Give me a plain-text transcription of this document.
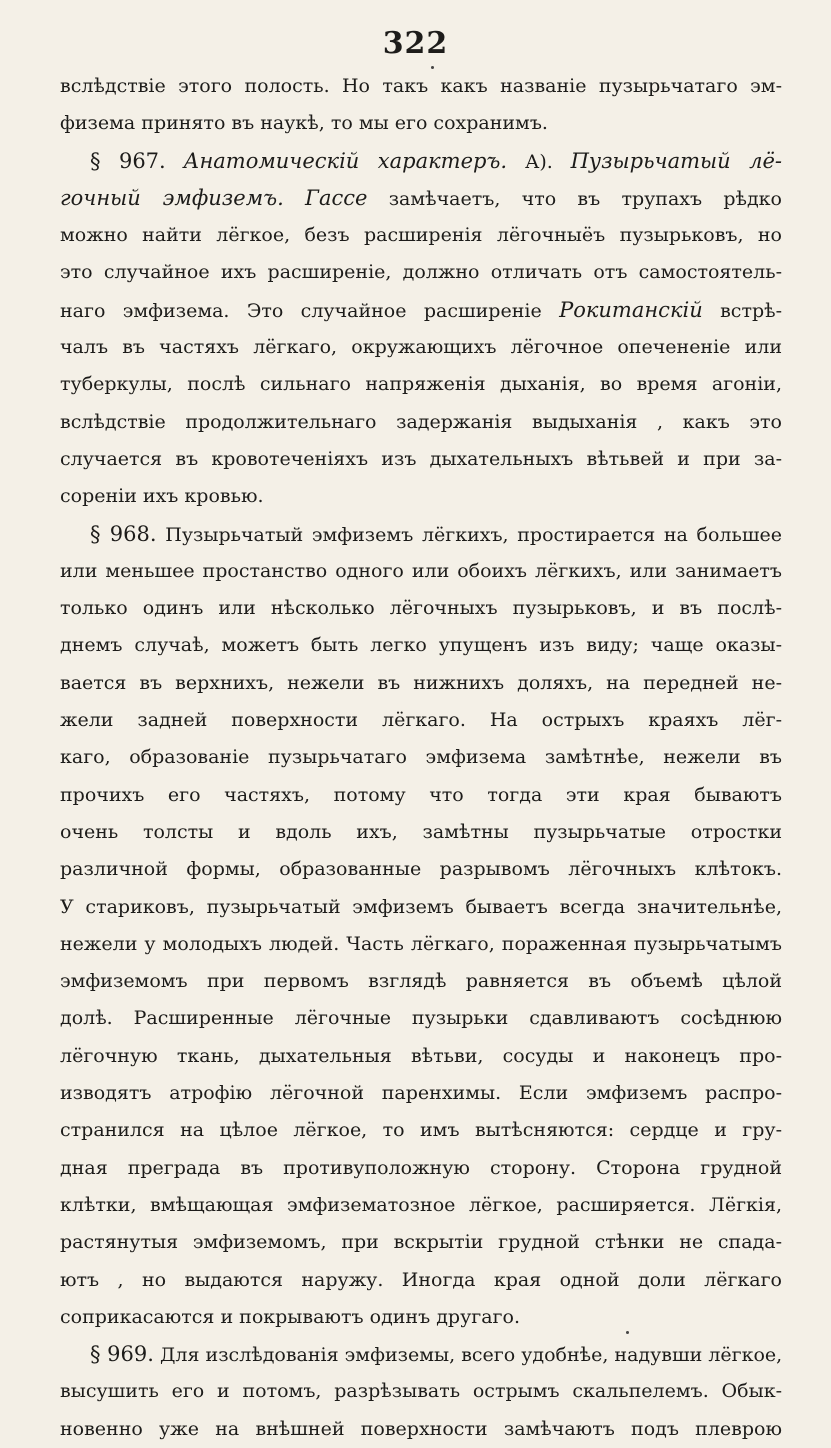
322
вслѣдствіе этого полость. Но такъ какъ названіе пузырьчатаго эм-
физема принято въ наукѣ, то мы его сохранимъ.
§ 967. Анатомическій характеръ. А). Пузырьчатый лё-
гочный эмфиземъ. Гассе замѣчаетъ, что въ трупахъ рѣдко
можно найти лёгкое, безъ расширенія лёгочныёъ пузырьковъ, но
это случайное ихъ расширеніе, должно отличать отъ самостоятель-
наго эмфизема. Это случайное расширеніе Рокитанскій встрѣ-
чалъ въ частяхъ лёгкаго, окружающихъ лёгочное опечененіе или
туберкулы, послѣ сильнаго напряженія дыханія, во время агоніи,
вслѣдствіе продолжительнаго задержанія выдыханія , какъ это
случается въ кровотеченіяхъ изъ дыхательныхъ вѣтьвей и при за-
сореніи ихъ кровью.
§ 968. Пузырьчатый эмфиземъ лёгкихъ, простирается на большее
или меньшее простанство одного или обоихъ лёгкихъ, или занимаетъ
только одинъ или нѣсколько лёгочныхъ пузырьковъ, и въ послѣ-
днемъ случаѣ, можетъ быть легко упущенъ изъ виду; чаще оказы-
вается въ верхнихъ, нежели въ нижнихъ доляхъ, на передней не-
жели задней поверхности лёгкаго. На острыхъ краяхъ лёг-
каго, образованіе пузырьчатаго эмфизема замѣтнѣе, нежели въ
прочихъ его частяхъ, потому что тогда эти края бываютъ
очень толсты и вдоль ихъ, замѣтны пузырьчатые отростки
различной формы, образованные разрывомъ лёгочныхъ клѣтокъ.
У стариковъ, пузырьчатый эмфиземъ бываетъ всегда значительнѣе,
нежели у молодыхъ людей. Часть лёгкаго, пораженная пузырьчатымъ
эмфиземомъ при первомъ взглядѣ равняется въ объемѣ цѣлой
долѣ. Расширенные лёгочные пузырьки сдавливаютъ сосѣднюю
лёгочную ткань, дыхательныя вѣтьви, сосуды и наконецъ про-
изводятъ атрофію лёгочной паренхимы. Если эмфиземъ распро-
странился на цѣлое лёгкое, то имъ вытѣсняются: сердце и гру-
дная преграда въ противуположную сторону. Сторона грудной
клѣтки, вмѣщающая эмфизематозное лёгкое, расширяется. Лёгкія,
растянутыя эмфиземомъ, при вскрытіи грудной стѣнки не спада-
ютъ , но выдаются наружу. Иногда края одной доли лёгкаго
соприкасаются и покрываютъ одинъ другаго.
§ 969. Для изслѣдованія эмфиземы, всего удобнѣе, надувши лёгкое,
высушить его и потомъ, разрѣзывать острымъ скальпелемъ. Обык-
новенно уже на внѣшней поверхности замѣчаютъ подъ плеврою
